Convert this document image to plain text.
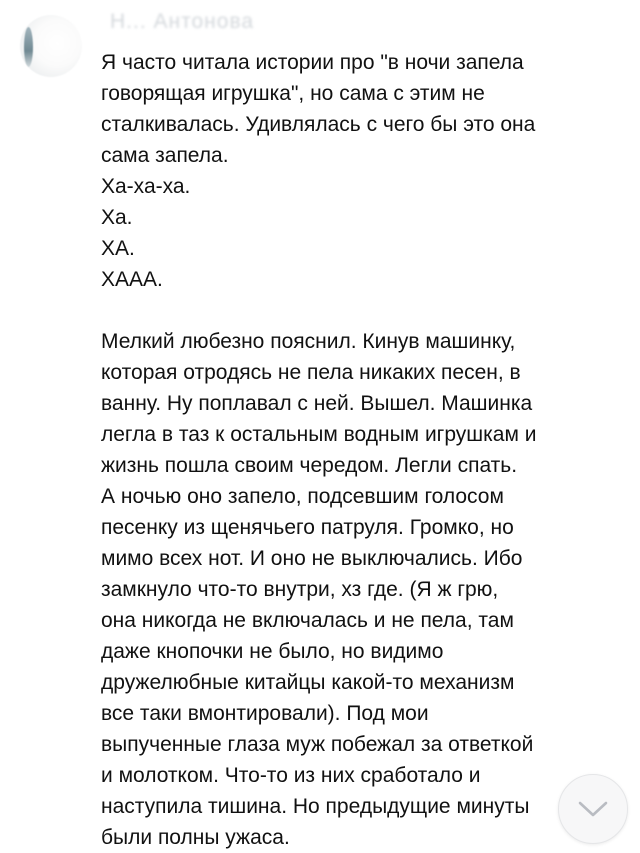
Н... Антонова
Я часто читала истории про "в ночи запела
говорящая игрушка", но сама с этим не
сталкивалась. Удивлялась с чего бы это она
сама запела.
Ха-ха-ха.
Ха.
ХА.
ХААА.
Мелкий любезно пояснил. Кинув машинку,
которая отродясь не пела никаких песен, в
ванну. Ну поплавал с ней. Вышел. Машинка
легла в таз к остальным водным игрушкам и
жизнь пошла своим чередом. Легли спать.
А ночью оно запело, подсевшим голосом
песенку из щенячьего патруля. Громко, но
мимо всех нот. И оно не выключались. Ибо
замкнуло что-то внутри, хз где. (Я ж грю,
она никогда не включалась и не пела, там
даже кнопочки не было, но видимо
дружелюбные китайцы какой-то механизм
все таки вмонтировали). Под мои
выпученные глаза муж побежал за ответкой
и молотком. Что-то из них сработало и
наступила тишина. Но предыдущие минуты
были полны ужаса.
